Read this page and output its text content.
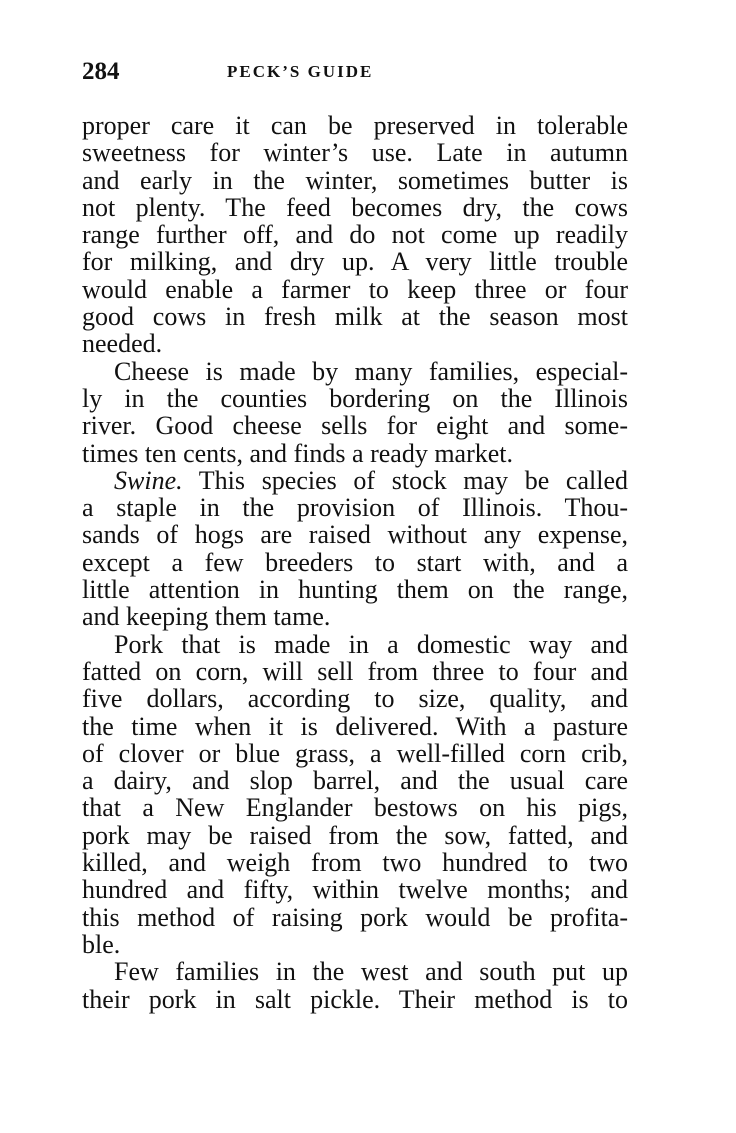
284	PECK’S GUIDE
proper care it can be preserved in tolerable
sweetness for winter’s use. Late in autumn
and early in the winter, sometimes butter is
not plenty. The feed becomes dry, the cows
range further off, and do not come up readily
for milking, and dry up. A very little trouble
would enable a farmer to keep three or four
good cows in fresh milk at the season most
needed.
Cheese is made by many families, especial-
ly in the counties bordering on the Illinois
river. Good cheese sells for eight and some-
times ten cents, and finds a ready market.
Swine. This species of stock may be called
a staple in the provision of Illinois. Thou-
sands of hogs are raised without any expense,
except a few breeders to start with, and a
little attention in hunting them on the range,
and keeping them tame.
Pork that is made in a domestic way and
fatted on corn, will sell from three to four and
five dollars, according to size, quality, and
the time when it is delivered. With a pasture
of clover or blue grass, a well-filled corn crib,
a dairy, and slop barrel, and the usual care
that a New Englander bestows on his pigs,
pork may be raised from the sow, fatted, and
killed, and weigh from two hundred to two
hundred and fifty, within twelve months; and
this method of raising pork would be profita-
ble.
Few families in the west and south put up
their pork in salt pickle. Their method is to
